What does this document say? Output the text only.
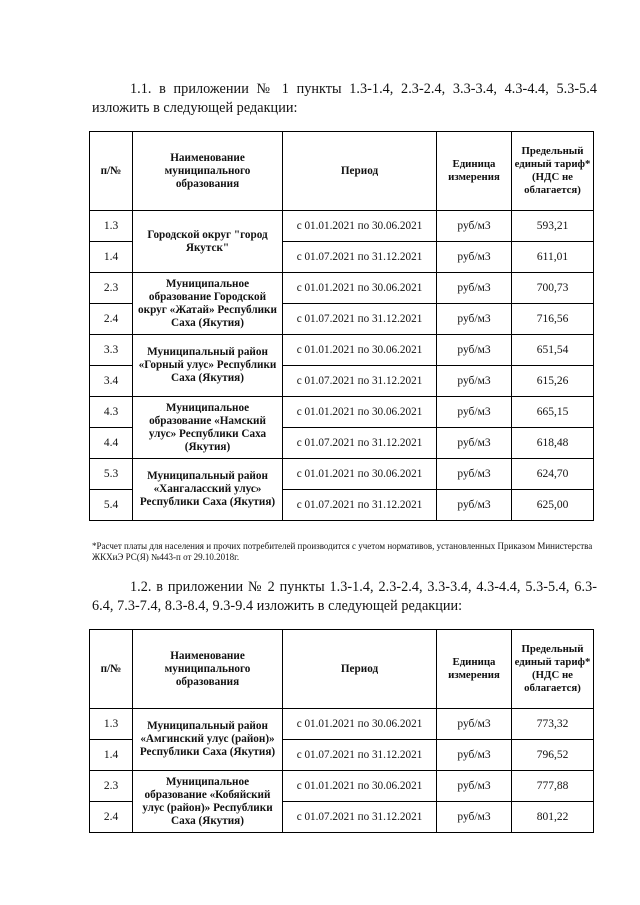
1.1. в приложении № 1 пункты 1.3-1.4, 2.3-2.4, 3.3-3.4, 4.3-4.4, 5.3-5.4 изложить в следующей редакции:

п/№	Наименование муниципального образования	Период	Единица измерения	Предельный единый тариф* (НДС не облагается)
1.3	Городской округ "город Якутск"	с 01.01.2021 по 30.06.2021	руб/м3	593,21
1.4		с 01.07.2021 по 31.12.2021	руб/м3	611,01
2.3	Муниципальное образование Городской округ «Жатай» Республики Саха (Якутия)	с 01.01.2021 по 30.06.2021	руб/м3	700,73
2.4		с 01.07.2021 по 31.12.2021	руб/м3	716,56
3.3	Муниципальный район «Горный улус» Республики Саха (Якутия)	с 01.01.2021 по 30.06.2021	руб/м3	651,54
3.4		с 01.07.2021 по 31.12.2021	руб/м3	615,26
4.3	Муниципальное образование «Намский улус» Республики Саха (Якутия)	с 01.01.2021 по 30.06.2021	руб/м3	665,15
4.4		с 01.07.2021 по 31.12.2021	руб/м3	618,48
5.3	Муниципальный район «Хангаласский улус» Республики Саха (Якутия)	с 01.01.2021 по 30.06.2021	руб/м3	624,70
5.4		с 01.07.2021 по 31.12.2021	руб/м3	625,00

*Расчет платы для населения и прочих потребителей производится с учетом нормативов, установленных Приказом Министерства ЖКХиЭ РС(Я) №443-п от 29.10.2018г.

1.2. в приложении № 2 пункты 1.3-1.4, 2.3-2.4, 3.3-3.4, 4.3-4.4, 5.3-5.4, 6.3-6.4, 7.3-7.4, 8.3-8.4, 9.3-9.4 изложить в следующей редакции:

п/№	Наименование муниципального образования	Период	Единица измерения	Предельный единый тариф* (НДС не облагается)
1.3	Муниципальный район «Амгинский улус (район)» Республики Саха (Якутия)	с 01.01.2021 по 30.06.2021	руб/м3	773,32
1.4		с 01.07.2021 по 31.12.2021	руб/м3	796,52
2.3	Муниципальное образование «Кобяйский улус (район)» Республики Саха (Якутия)	с 01.01.2021 по 30.06.2021	руб/м3	777,88
2.4		с 01.07.2021 по 31.12.2021	руб/м3	801,22
